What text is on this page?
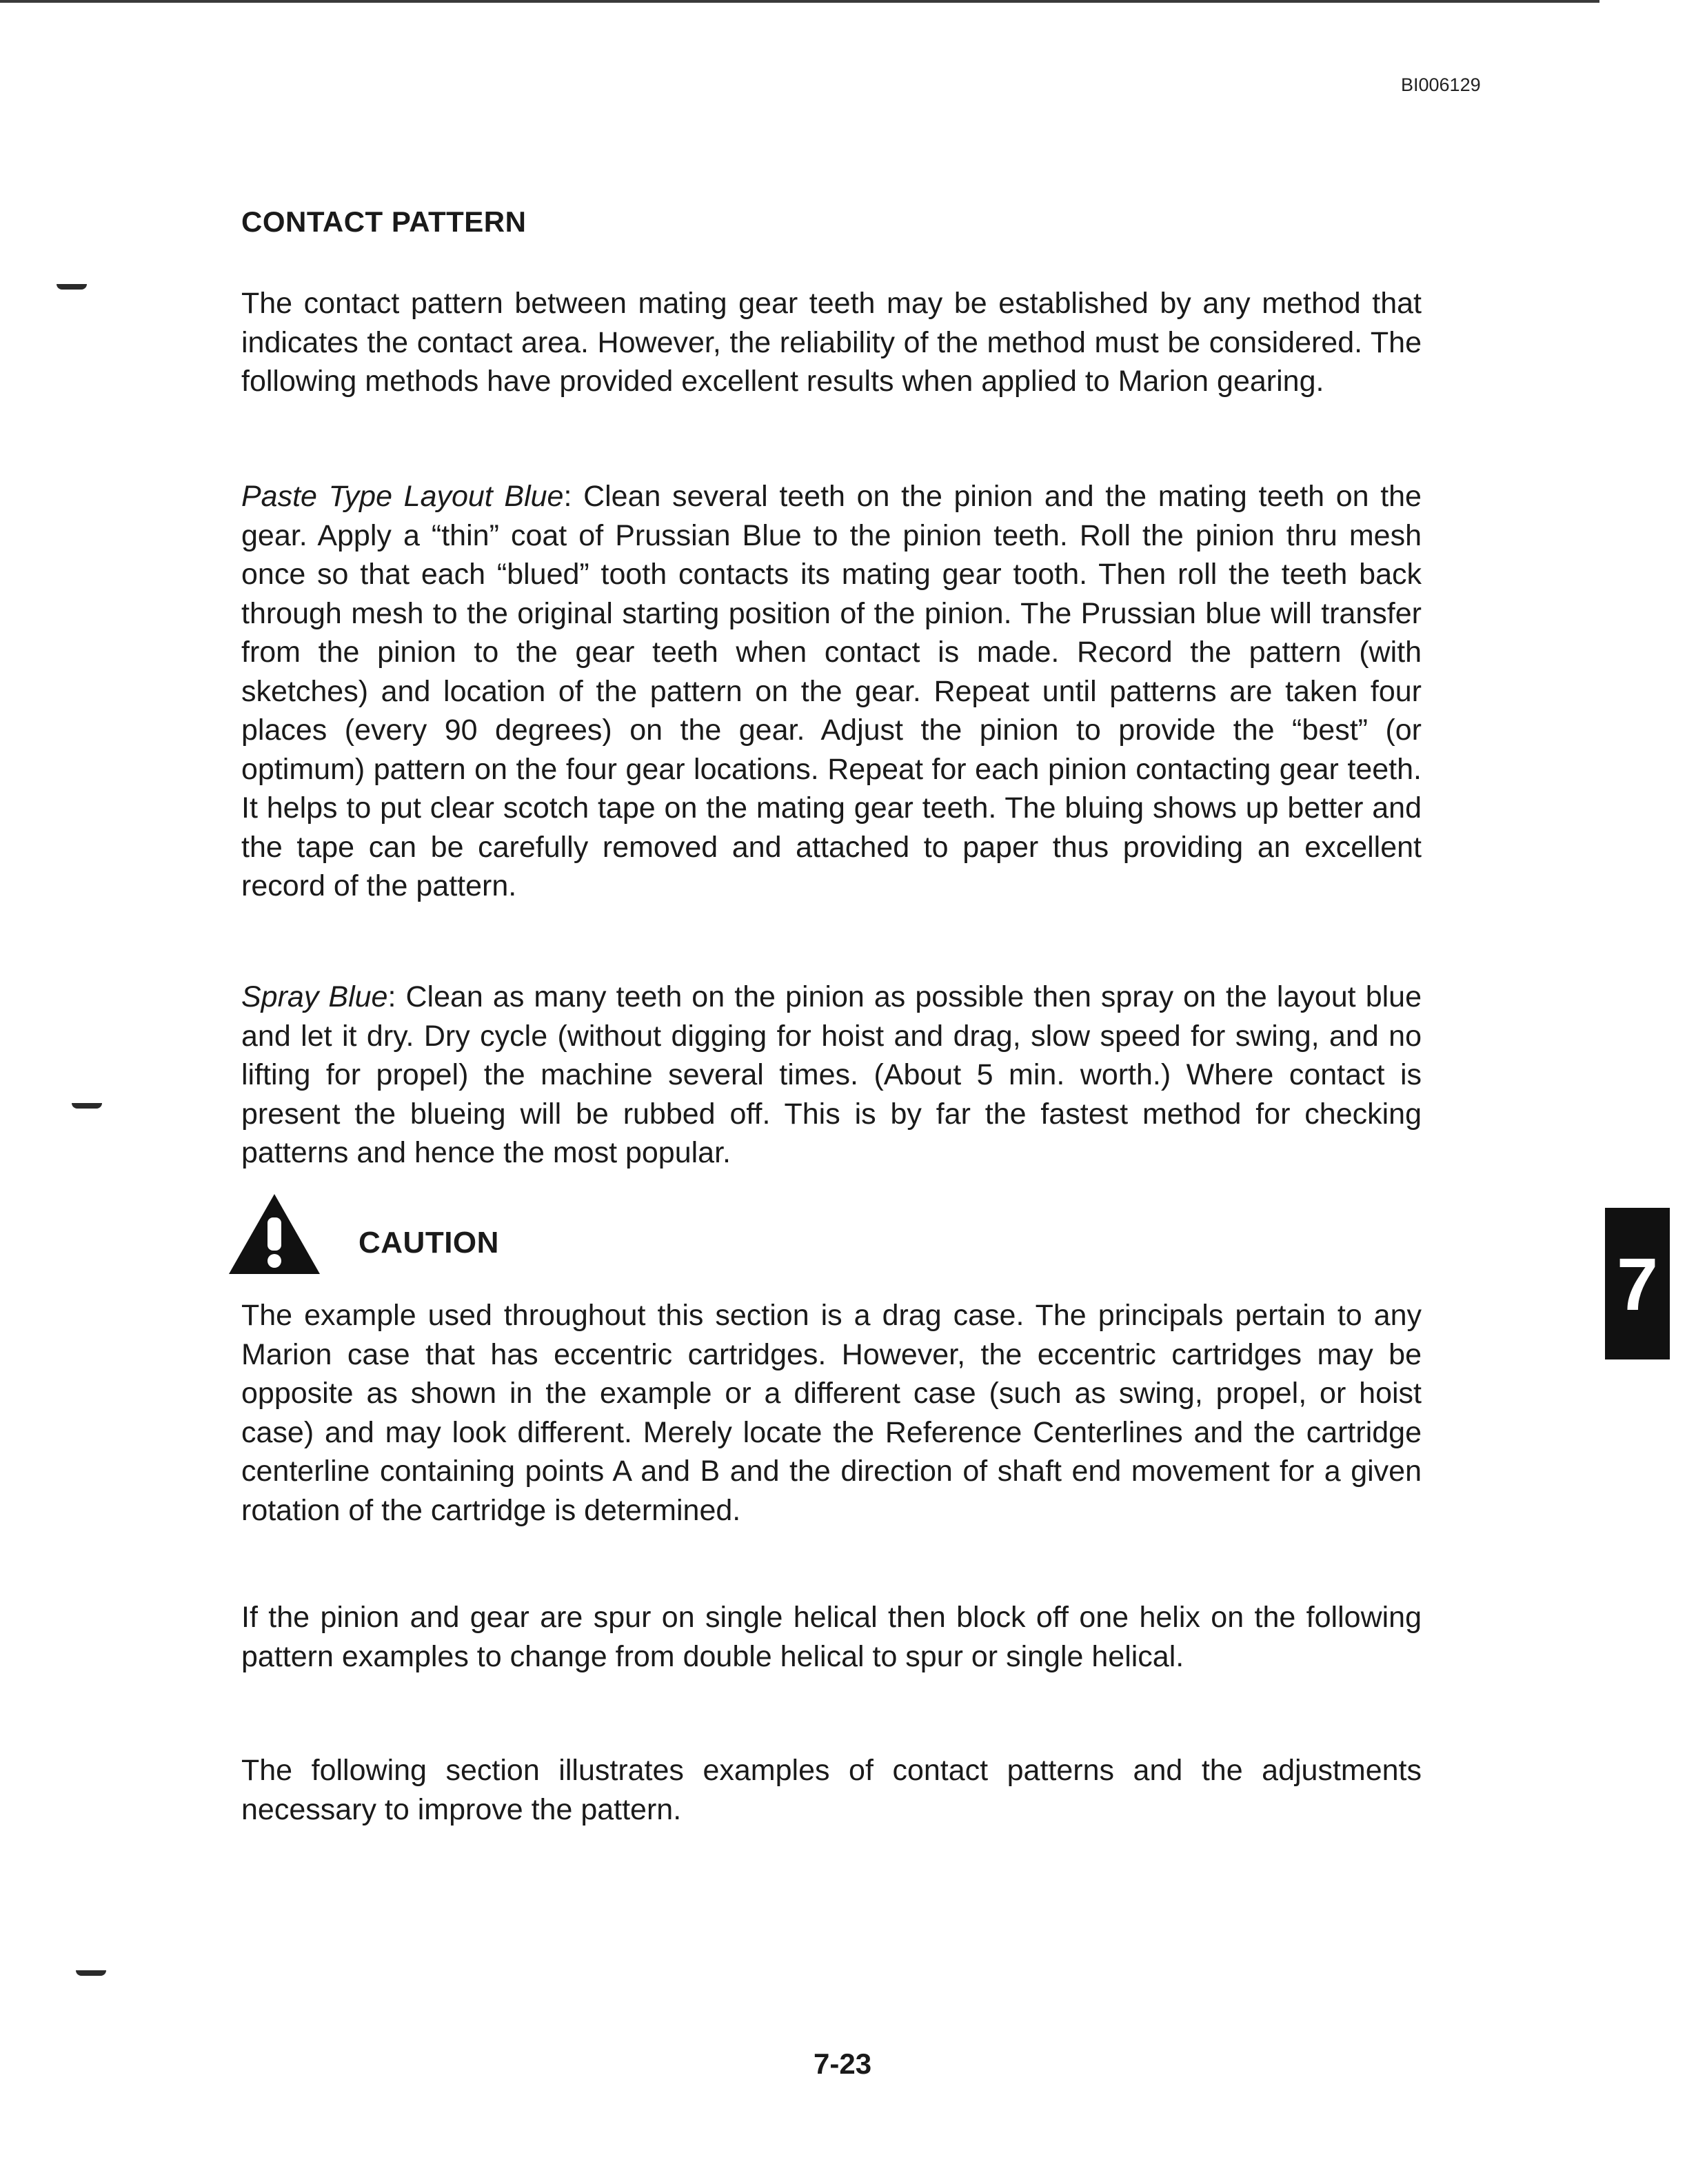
BI006129
CONTACT PATTERN

The contact pattern between mating gear teeth may be established by any method that indicates the contact area. However, the reliability of the method must be considered. The following methods have provided excellent results when applied to Marion gearing.

Paste Type Layout Blue: Clean several teeth on the pinion and the mating teeth on the gear. Apply a “thin” coat of Prussian Blue to the pinion teeth. Roll the pinion thru mesh once so that each “blued” tooth contacts its mating gear tooth. Then roll the teeth back through mesh to the original starting position of the pinion. The Prussian blue will transfer from the pinion to the gear teeth when contact is made. Record the pattern (with sketches) and location of the pattern on the gear. Repeat until patterns are taken four places (every 90 degrees) on the gear. Adjust the pinion to provide the “best” (or optimum) pattern on the four gear locations. Repeat for each pinion contacting gear teeth. It helps to put clear scotch tape on the mating gear teeth. The bluing shows up better and the tape can be carefully removed and attached to paper thus providing an excellent record of the pattern.

Spray Blue: Clean as many teeth on the pinion as possible then spray on the layout blue and let it dry. Dry cycle (without digging for hoist and drag, slow speed for swing, and no lifting for propel) the machine several times. (About 5 min. worth.) Where contact is present the blueing will be rubbed off. This is by far the fastest method for checking patterns and hence the most popular.

CAUTION

The example used throughout this section is a drag case. The principals pertain to any Marion case that has eccentric cartridges. However, the eccentric cartridges may be opposite as shown in the example or a different case (such as swing, propel, or hoist case) and may look different. Merely locate the Reference Centerlines and the cartridge centerline containing points A and B and the direction of shaft end movement for a given rotation of the cartridge is determined.

If the pinion and gear are spur on single helical then block off one helix on the following pattern examples to change from double helical to spur or single helical.

The following section illustrates examples of contact patterns and the adjustments necessary to improve the pattern.

7
7-23
